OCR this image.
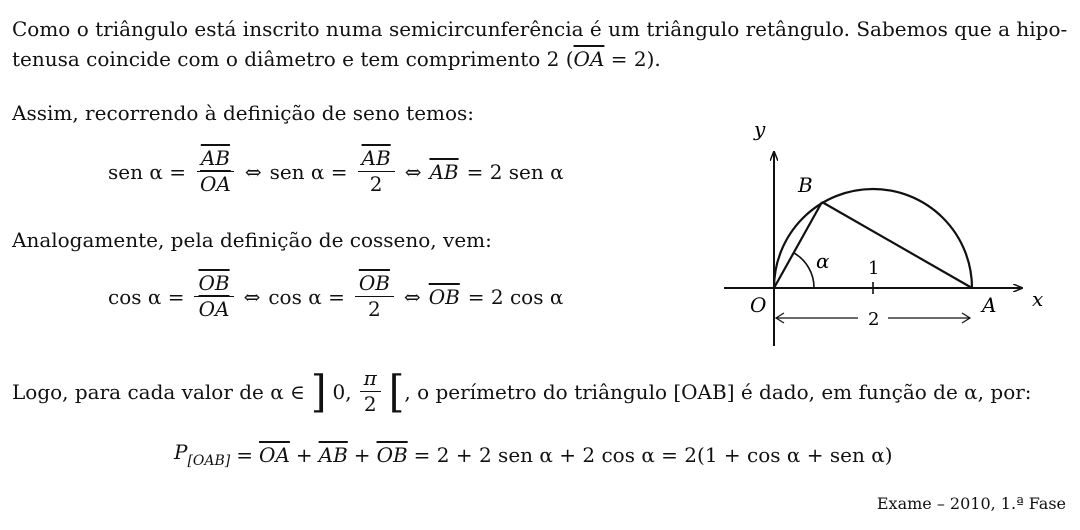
Como o triângulo está inscrito numa semicircunferência é um triângulo retângulo. Sabemos que a hipo-

tenusa coincide com o diâmetro e tem comprimento 2 $(\overline{OA} = 2)$.

Assim, recorrendo à definição de seno temos:

sen $\alpha = \frac{\overline{AB}}{OA}$ ⇔ sen $\alpha = \frac{\overline{AB}}{2}$ ⇔ $\overline{AB} = 2$ sen α

Analogamente, pela definição de cosseno, vem:

$\cos \alpha = \frac{\overline{OB}}{OA}$ ⇔ $\cos \alpha = \frac{\overline{OB}}{2}$ ⇔ $\overline{OB} = 2$ cos α
Logo, para cada valor de α ∈ ] 0, $\frac{\pi}{2}$ [ , o perímetro do triângulo [OAB] é dado, em função de α, por:
$P_{[OAB]} = \overline{OA} + \overline{AB} + \overline{OB} = 2 + 2$ sen α + 2 cos α = 2(1 + cos α + sen α)
y
x
B
O	A
α 1
2
Exame – 2010, 1.ª Fase
